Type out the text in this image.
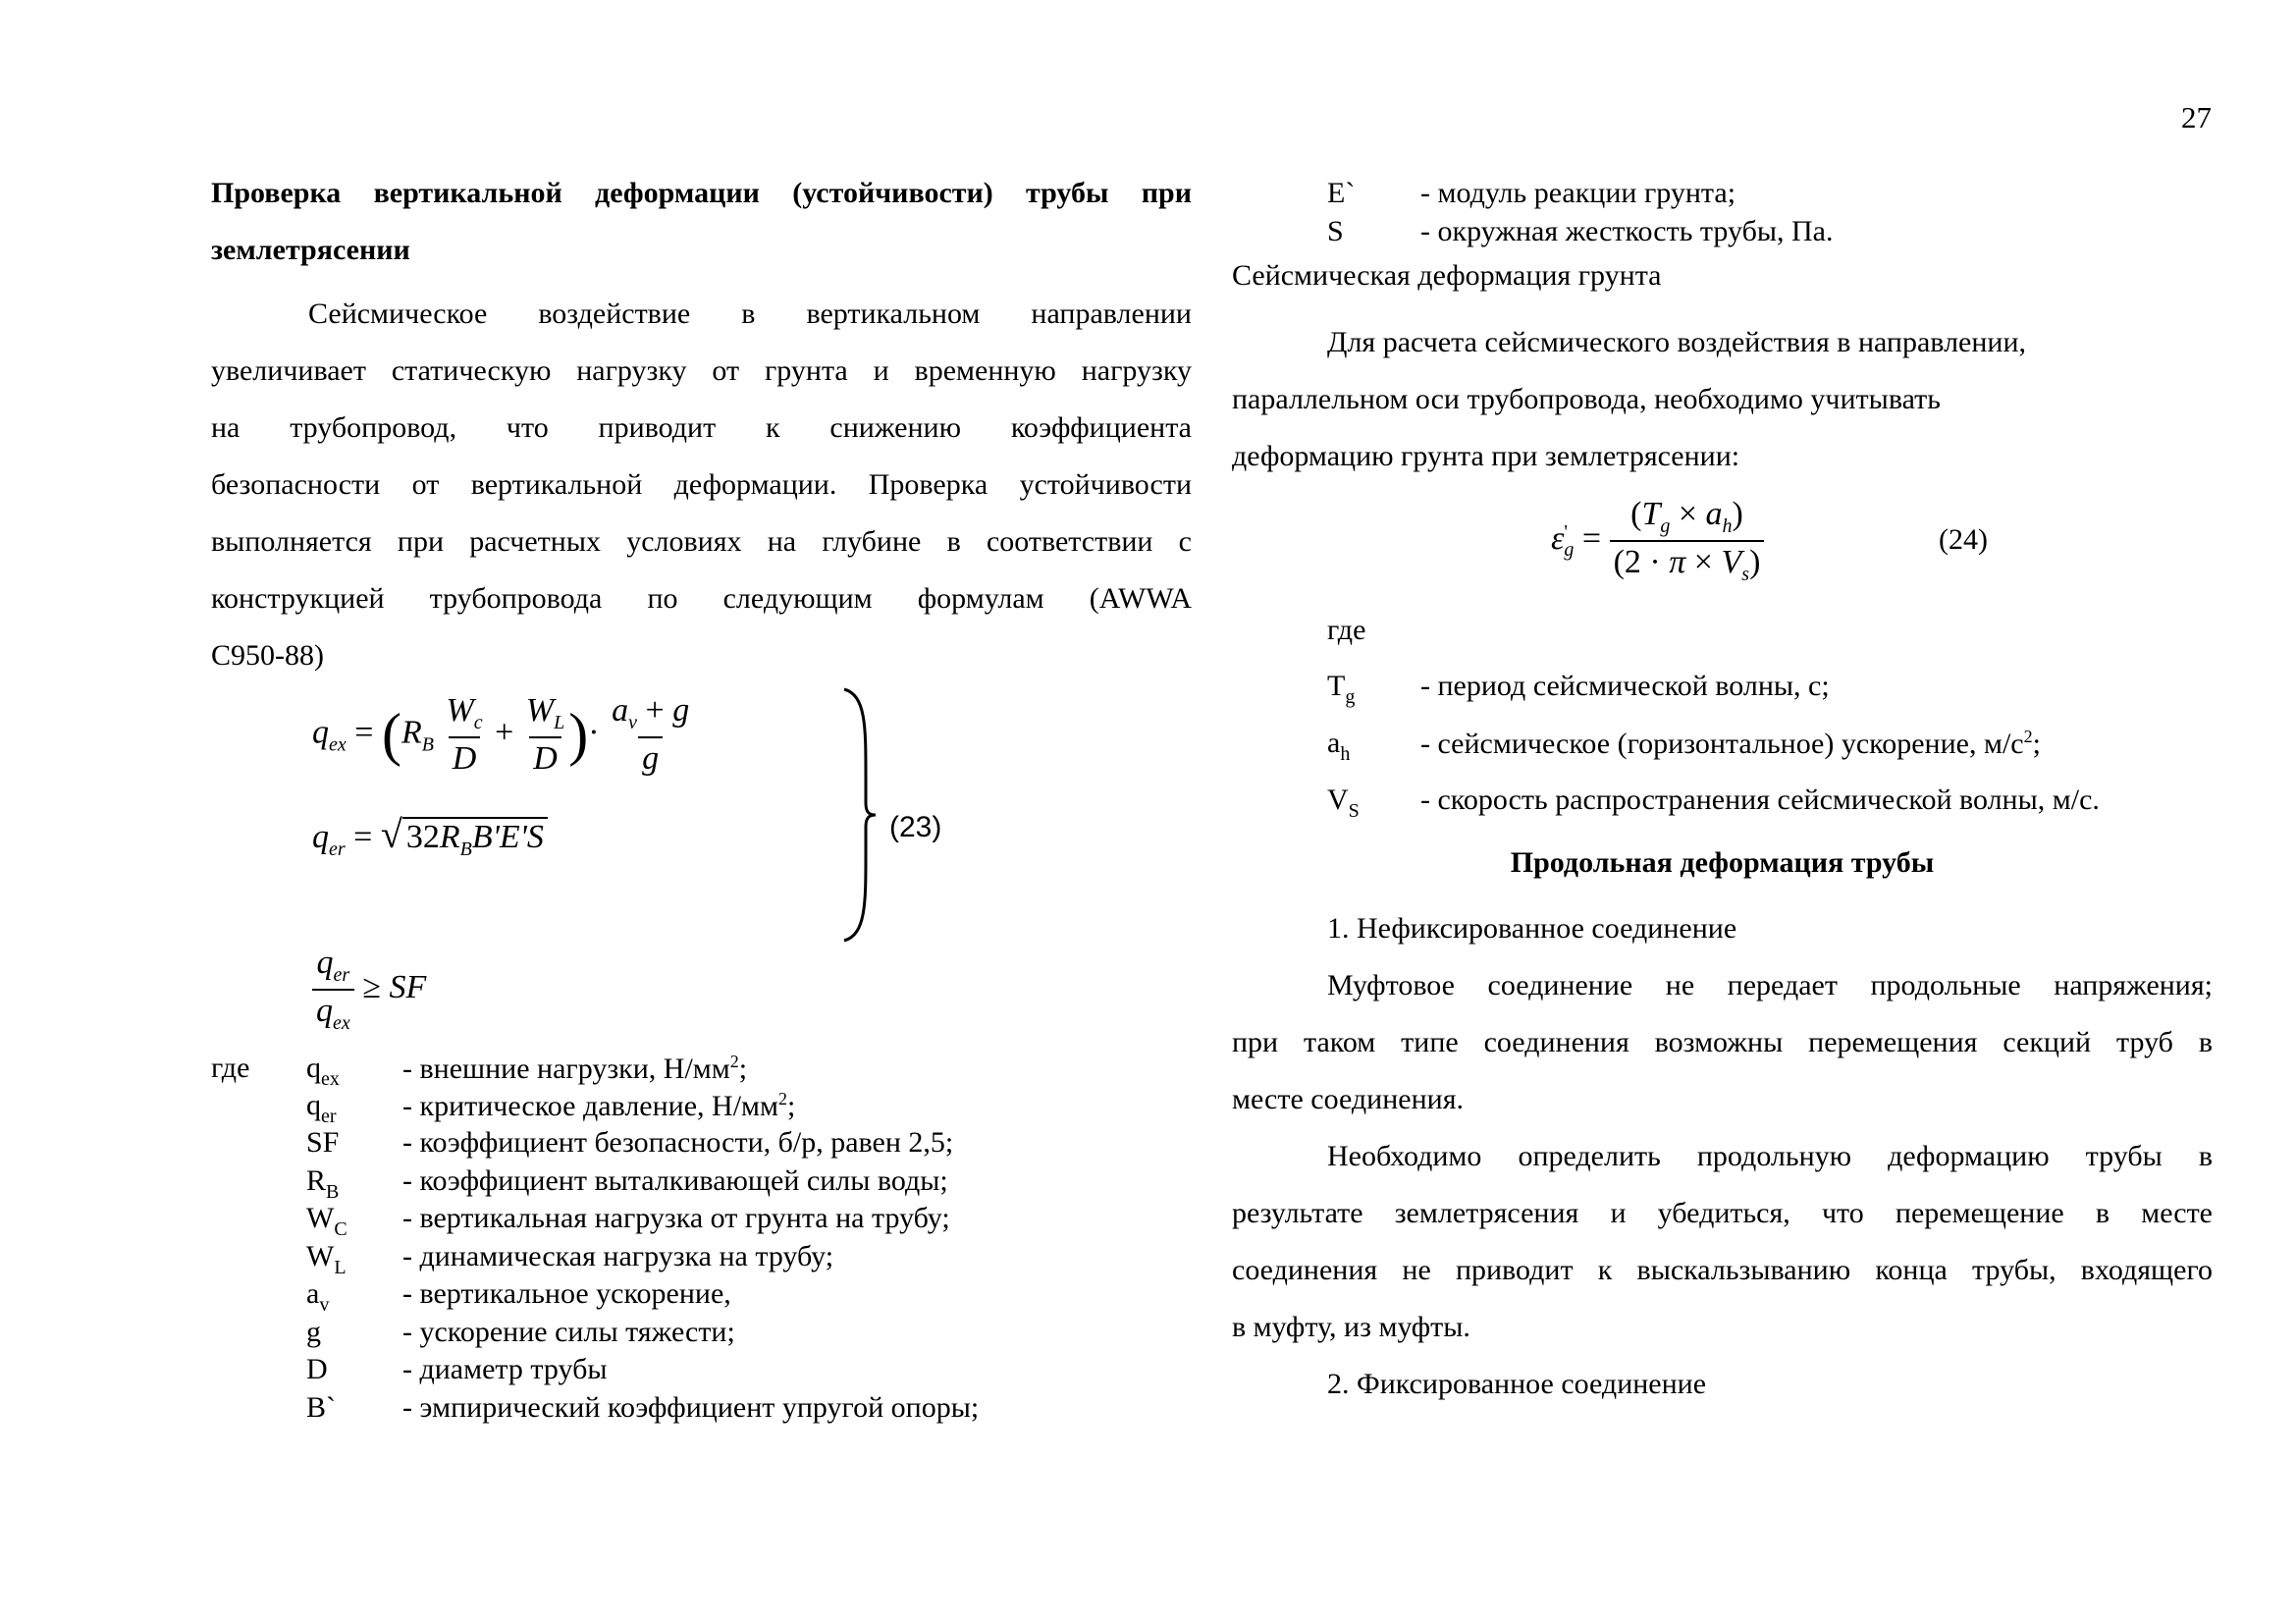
27
Проверка вертикальной деформации (устойчивости) трубы при
землетрясении
Сейсмическое воздействие в вертикальном направлении
увеличивает статическую нагрузку от грунта и временную нагрузку
на трубопровод, что приводит к снижению коэффициента
безопасности от вертикальной деформации. Проверка устойчивости
выполняется при расчетных условиях на глубине в соответствии с
конструкцией трубопровода по следующим формулам (AWWA
C950-88)
$q_{ex} = (R_B \frac{W_c}{D} + \frac{W_L}{D}$ )· $\frac{a_v + g}{g}$
$q_{er}$ = √ $32R_BB'E'S$	(23)
$\frac{q_{er}}{q_{ex}}$ ≥ SF
где $q_{ex}$ - внешние нагрузки, $Н/мм^2$;
$q_{er}$ - критическое давление, $Н/мм^2$;
SF - коэффициент безопасности, б/р, равен 2,5;
$R_B$ - коэффициент выталкивающей силы воды;
$W_C$ - вертикальная нагрузка от грунта на трубу;
$W_L$ - динамическая нагрузка на трубу;
$a_v$ - вертикальное ускорение,
g	- ускорение силы тяжести;
D	- диаметр трубы
B` - эмпирический коэффициент упругой опоры;
E` - модуль реакции грунта;
S	- окружная жесткость трубы, Па.
Сейсмическая деформация грунта
Для расчета сейсмического воздействия в направлении,
параллельном оси трубопровода, необходимо учитывать
деформацию грунта при землетрясении:
ε '
$g = \frac{(T_g \times a_h)}{(2 \cdot \pi \times V_s)}$	(24)
где
$T_g$ - период сейсмической волны, с;
$a_h$ - сейсмическое (горизонтальное) ускорение, $м/с^2$;
$V_S$ - скорость распространения сейсмической волны, м/с.
Продольная деформация трубы
1. Нефиксированное соединение
Муфтовое соединение не передает продольные напряжения;
при таком типе соединения возможны перемещения секций труб в
месте соединения.
Необходимо определить продольную деформацию трубы в
результате землетрясения и убедиться, что перемещение в месте
соединения не приводит к выскальзыванию конца трубы, входящего
в муфту, из муфты.
2. Фиксированное соединение
